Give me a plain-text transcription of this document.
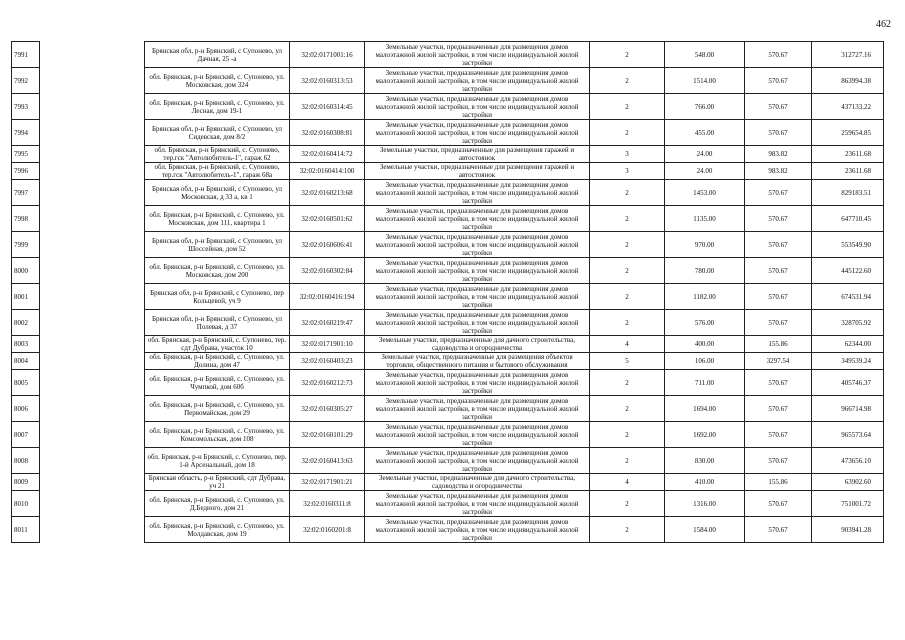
462
7991		Брянская обл, р-н Брянский, с Супонево, ул Дачная, 25 -а	32:02:0171001:16	Земельные участки, предназначенные для размещения домов малоэтажной жилой застройки, в том числе индивидуальной жилой застройки	2	548.00	570.67	312727.16
7992		обл. Брянская, р-н Брянский, с. Супонево, ул. Московская, дом 324	32:02:0160313:53	Земельные участки, предназначенные для размещения домов малоэтажной жилой застройки, в том числе индивидуальной жилой застройки	2	1514.00	570.67	863994.38
7993		обл. Брянская, р-н Брянский, с. Супонево, ул. Лесная, дом 19-1	32:02:0160314:45	Земельные участки, предназначенные для размещения домов малоэтажной жилой застройки, в том числе индивидуальной жилой застройки	2	766.00	570.67	437133.22
7994		Брянская обл, р-н Брянский, с Супонево, ул Сидевская, дом 8/2	32:02:0160308:81	Земельные участки, предназначенные для размещения домов малоэтажной жилой застройки, в том числе индивидуальной жилой застройки	2	455.00	570.67	259654.85
7995		обл. Брянская, р-н Брянский, с. Супонево, тер.гск "Автолюбитель-1", гараж 62	32:02:0160414:72	Земельные участки, предназначенные для размещения гаражей и автостоянок	3	24.00	983.82	23611.68
7996		обл. Брянская, р-н Брянский, с. Супонево, тер.гск "Автолюбитель-1", гараж 68а	32:02:0160414:100	Земельные участки, предназначенные для размещения гаражей и автостоянок	3	24.00	983.82	23611.68
7997		Брянская обл, р-н Брянский, с Супонево, ул Московская, д 33 а, кв 1	32:02:0160213:68	Земельные участки, предназначенные для размещения домов малоэтажной жилой застройки, в том числе индивидуальной жилой застройки	2	1453.00	570.67	829183.51
7998		обл. Брянская, р-н Брянский, с. Супонево, ул. Московская, дом 111, квартира 1	32:02:0160501:62	Земельные участки, предназначенные для размещения домов малоэтажной жилой застройки, в том числе индивидуальной жилой застройки	2	1135.00	570.67	647710.45
7999		Брянская обл, р-н Брянский, с Супонево, ул Шоссейная, дом 52	32:02:0160606:41	Земельные участки, предназначенные для размещения домов малоэтажной жилой застройки, в том числе индивидуальной жилой застройки	2	970.00	570.67	553549.90
8000		обл. Брянская, р-н Брянский, с. Супонево, ул. Московская, дом 200	32:02:0160302:84	Земельные участки, предназначенные для размещения домов малоэтажной жилой застройки, в том числе индивидуальной жилой застройки	2	780.00	570.67	445122.60
8001		Брянская обл, р-н Брянский, с Супонево, пер Кольцевой, уч 9	32:02:0160416:194	Земельные участки, предназначенные для размещения домов малоэтажной жилой застройки, в том числе индивидуальной жилой застройки	2	1182.00	570.67	674531.94
8002		Брянская обл, р-н Брянский, с Супонево, ул Полевая, д 37	32:02:0160219:47	Земельные участки, предназначенные для размещения домов малоэтажной жилой застройки, в том числе индивидуальной жилой застройки	2	576.00	570.67	328705.92
8003		обл. Брянская, р-н Брянский, с. Супонево, тер. сдт Дубрава, участок 10	32:02:0171901:10	Земельные участки, предназначенные для дачного строительства, садоводства и огородничества	4	400.00	155.86	62344.00
8004		обл. Брянская, р-н Брянский, с. Супонево, ул. Долина, дом 47	32:02:0160403:23	Земельные участки, предназначенные для размещения объектов торговли, общественного питания и бытового обслуживания	5	106.00	3297.54	349539.24
8005		обл. Брянская, р-н Брянский, с. Супонево, ул. Чумпкой, дом 60б	32:02:0160212:73	Земельные участки, предназначенные для размещения домов малоэтажной жилой застройки, в том числе индивидуальной жилой застройки	2	711.00	570.67	405746.37
8006		обл. Брянская, р-н Брянский, с. Супонево, ул. Первомайская, дом 29	32:02:0160305:27	Земельные участки, предназначенные для размещения домов малоэтажной жилой застройки, в том числе индивидуальной жилой застройки	2	1694.00	570.67	966714.98
8007		обл. Брянская, р-н Брянский, с. Супонево, ул. Комсомольская, дом 108	32:02:0160101:29	Земельные участки, предназначенные для размещения домов малоэтажной жилой застройки, в том числе индивидуальной жилой застройки	2	1692.00	570.67	965573.64
8008		обл. Брянская, р-н Брянский, с. Супонево, пер. 1-й Арсенальный, дом 18	32:02:0160413:63	Земельные участки, предназначенные для размещения домов малоэтажной жилой застройки, в том числе индивидуальной жилой застройки	2	830.00	570.67	473656.10
8009		Брянская область, р-н Брянский, сдт Дубрава, уч 21	32:02:0171901:21	Земельные участки, предназначенные для дачного строительства, садоводства и огородничества	4	410.00	155.86	63902.60
8010		обл. Брянская, р-н Брянский, с. Супонево, ул. Д.Бедного, дом 21	32:02:0160311:8	Земельные участки, предназначенные для размещения домов малоэтажной жилой застройки, в том числе индивидуальной жилой застройки	2	1316.00	570.67	751001.72
8011		обл. Брянская, р-н Брянский, с. Супонево, ул. Молдавская, дом 19	32:02:0160201:8	Земельные участки, предназначенные для размещения домов малоэтажной жилой застройки, в том числе индивидуальной жилой застройки	2	1584.00	570.67	903941.28
